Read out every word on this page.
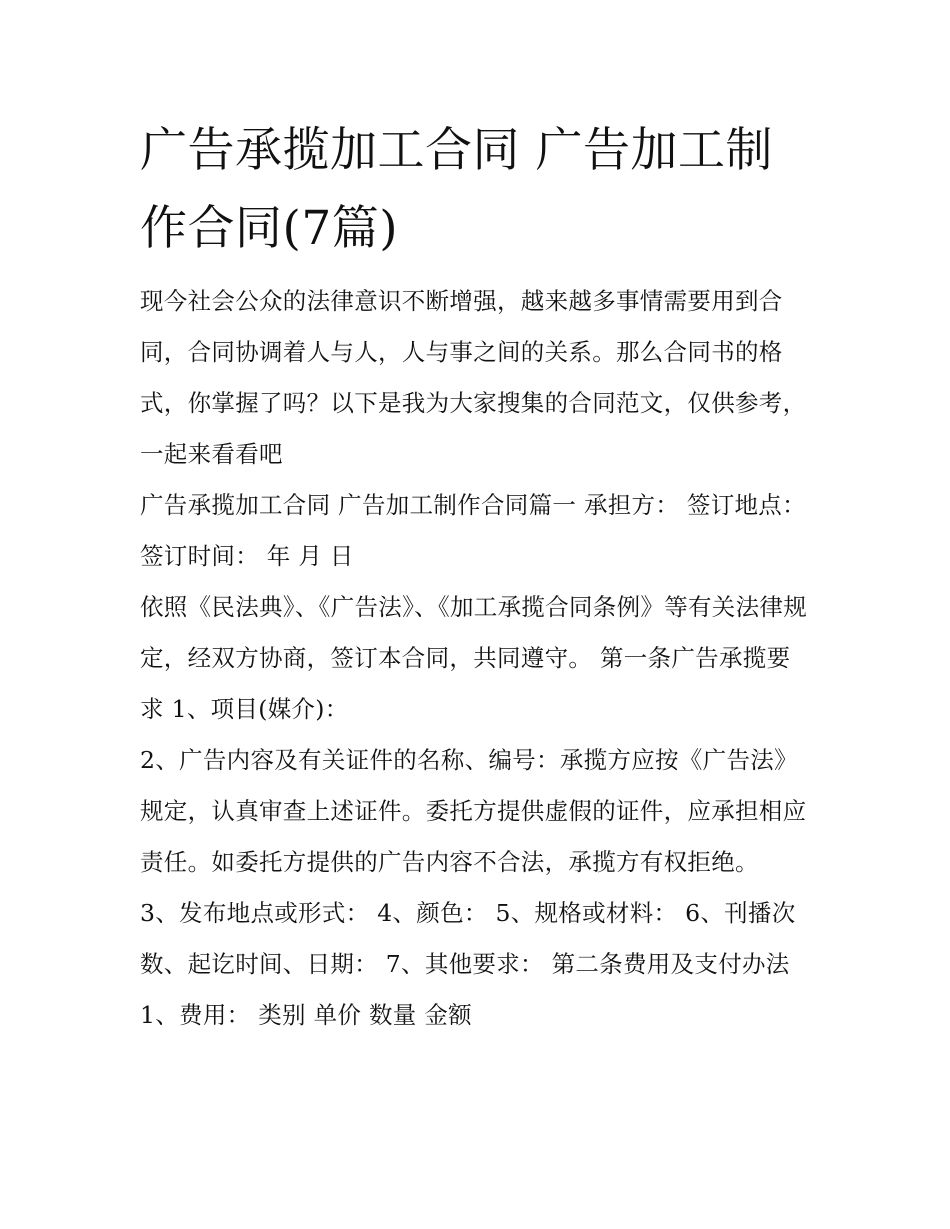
广告承揽加工合同 广告加工制作合同(7篇)

现今社会公众的法律意识不断增强，越来越多事情需要用到合同，合同协调着人与人，人与事之间的关系。那么合同书的格式，你掌握了吗？以下是我为大家搜集的合同范文，仅供参考，一起来看看吧

广告承揽加工合同 广告加工制作合同篇一 承担方： 签订地点： 签订时间： 年 月 日

依照《民法典》、《广告法》、《加工承揽合同条例》等有关法律规定，经双方协商，签订本合同，共同遵守。 第一条广告承揽要求 1、项目(媒介)：

2、广告内容及有关证件的名称、编号：承揽方应按《广告法》规定，认真审查上述证件。委托方提供虚假的证件，应承担相应责任。如委托方提供的广告内容不合法，承揽方有权拒绝。

3、发布地点或形式： 4、颜色： 5、规格或材料： 6、刊播次数、起讫时间、日期： 7、其他要求： 第二条费用及支付办法 1、费用： 类别 单价 数量 金额
